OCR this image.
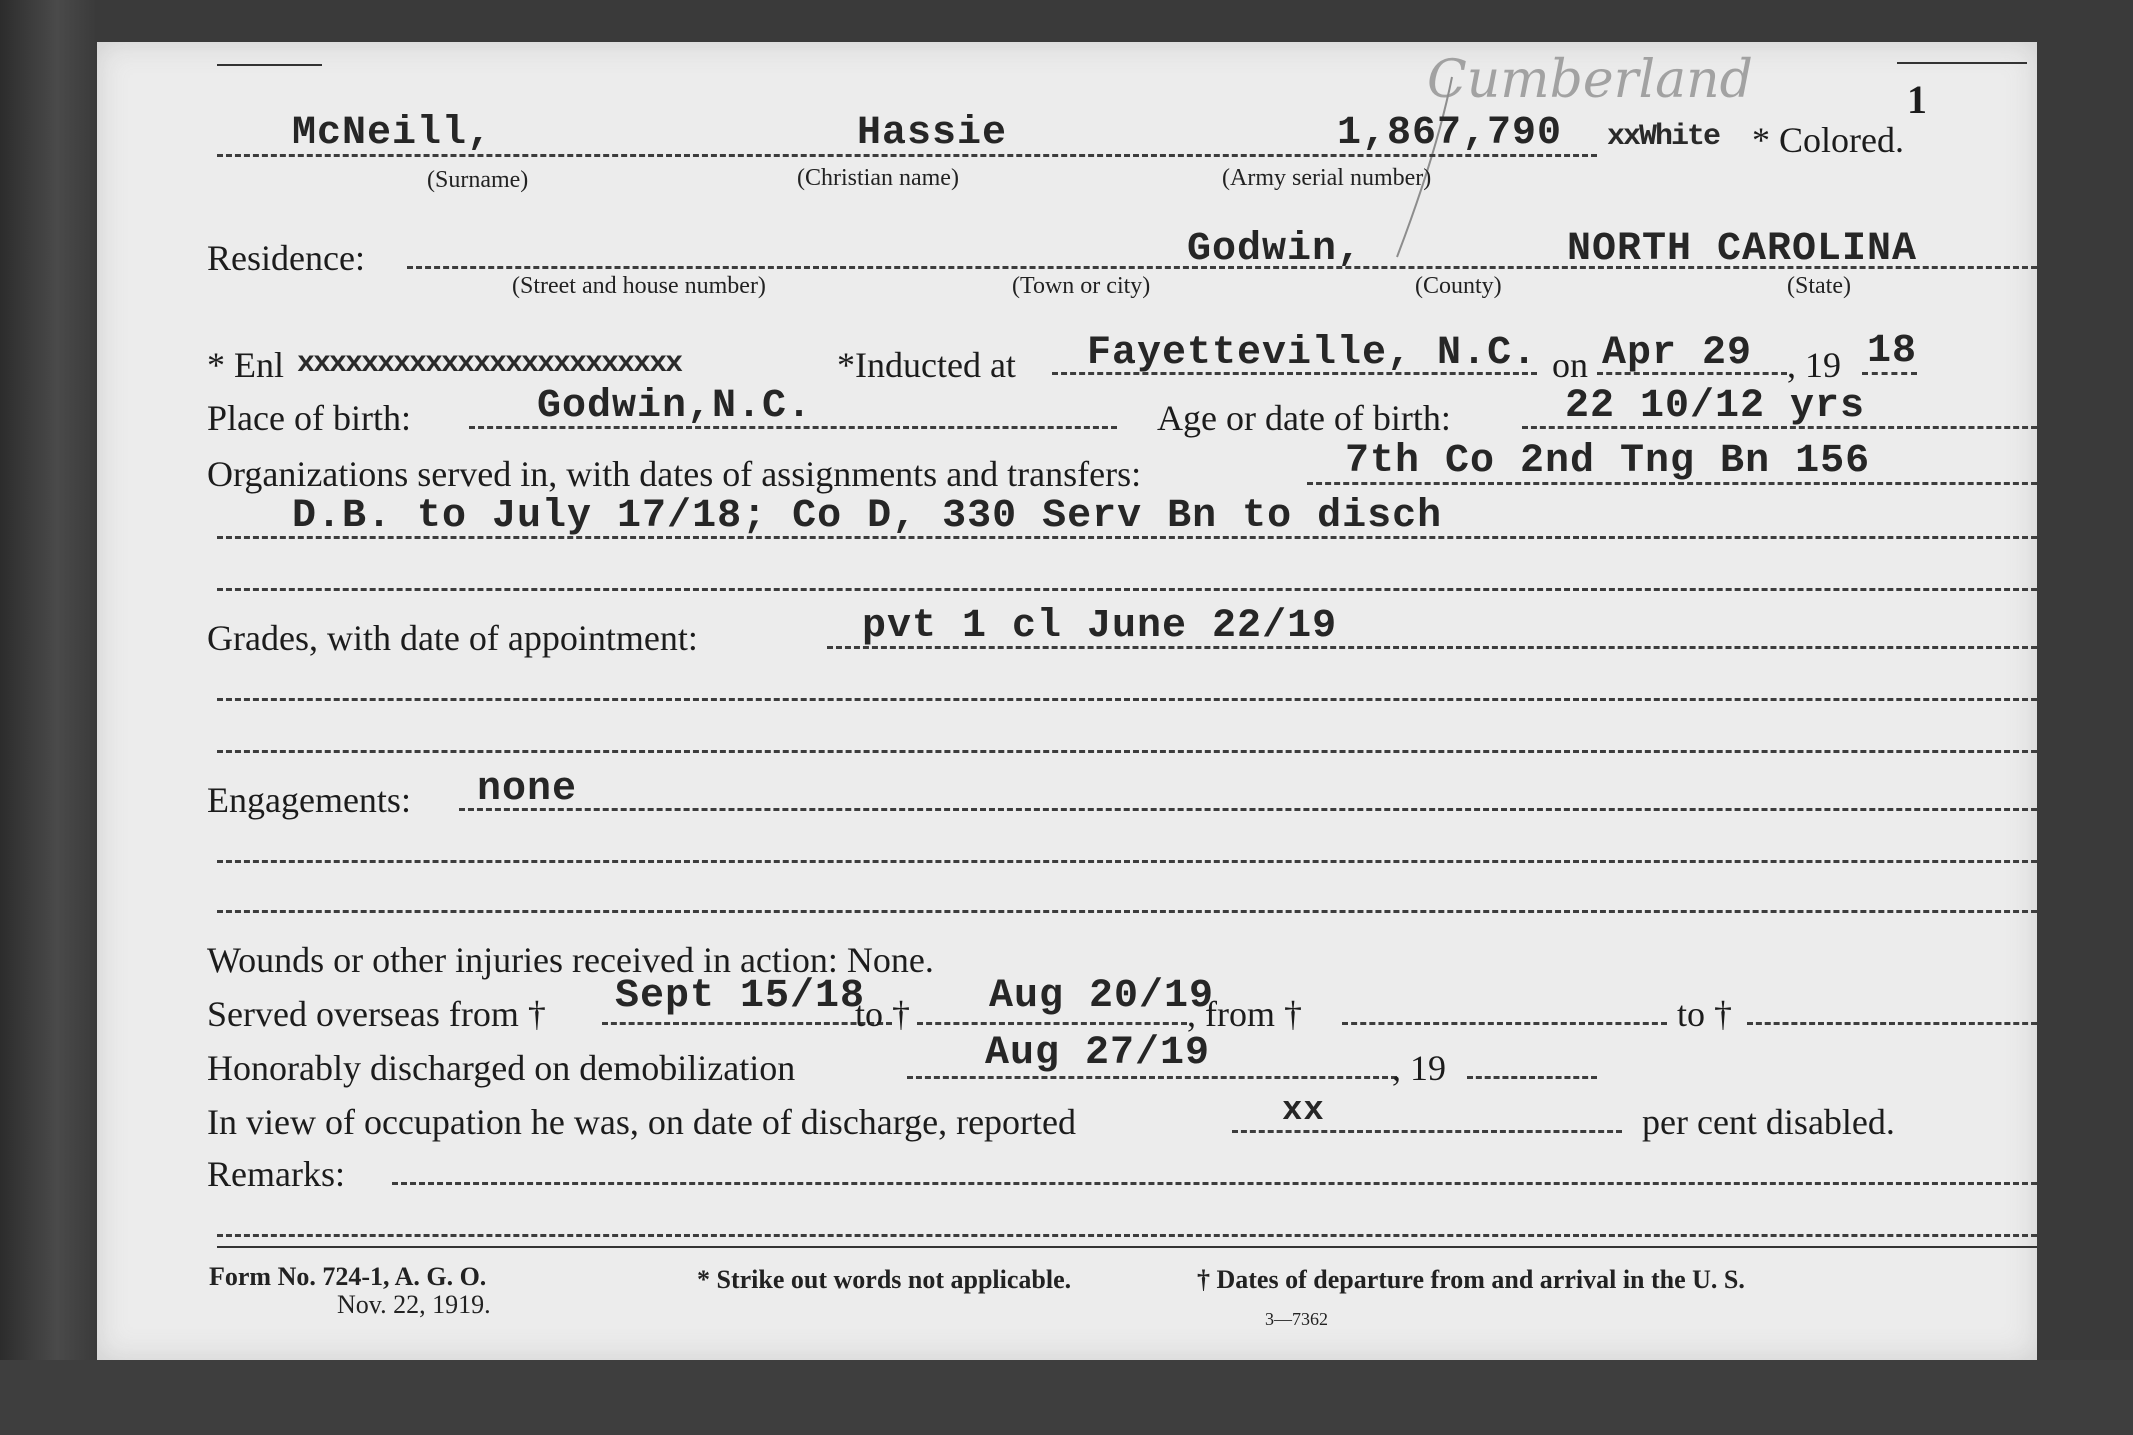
1
Cumberland
McNeill,	Hassie	1,867,790 xxWhite * Colored.
(Surname)	(Christian name)	(Army serial number)
Residence:	Godwin,	NORTH CAROLINA
(Street and house number)	(Town or city)	(County)	(State)
* Enl xxxxxxxxxxxxxxxxxxxxxxxx	*Inducted at Fayetteville, N.C. on Apr 29 , 19 18
Place of birth:	Godwin,N.C.	Age or date of birth:	22 10/12 yrs
Organizations served in, with dates of assignments and transfers:	7th Co 2nd Tng Bn 156
D.B. to July 17/18; Co D, 330 Serv Bn to disch
Grades, with date of appointment:	pvt 1 cl June 22/19
Engagements: none
Wounds or other injuries received in action: None.
Served overseas from † Sept 15/18
to † Aug 20/19
, from †	to †
Honorably discharged on demobilization	Aug 27/19	, 19
In view of occupation he was, on date of discharge, reported	xx	per cent disabled.
Remarks:
Form No. 724-1, A. G. O.
Nov. 22, 1919.
* Strike out words not applicable.	† Dates of departure from and arrival in the U. S.
3—7362
